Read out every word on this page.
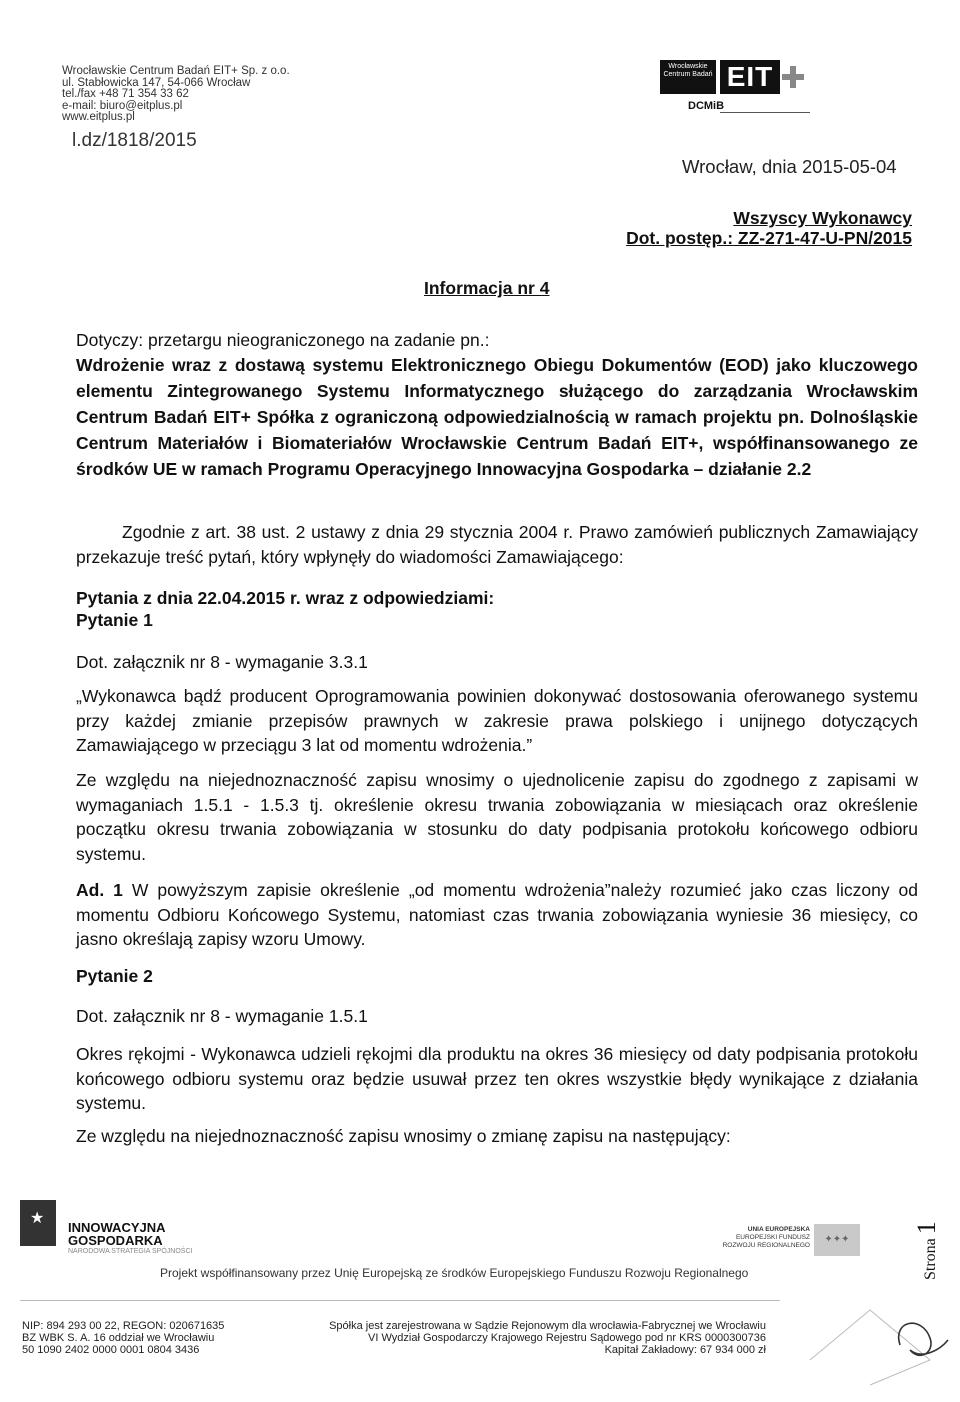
Wrocławskie Centrum Badań EIT+ Sp. z o.o.
ul. Stabłowicka 147, 54-066 Wrocław
tel./fax +48 71 354 33 62
e-mail: biuro@eitplus.pl
www.eitplus.pl
l.dz/1818/2015
Wrocławskie Centrum Badań EIT
DCMiB
Wrocław, dnia 2015-05-04
Wszyscy Wykonawcy
Dot. postęp.: ZZ-271-47-U-PN/2015
Informacja nr 4
Dotyczy: przetargu nieograniczonego na zadanie pn.:
Wdrożenie wraz z dostawą systemu Elektronicznego Obiegu Dokumentów (EOD) jako kluczowego elementu Zintegrowanego Systemu Informatycznego służącego do zarządzania Wrocławskim Centrum Badań EIT+ Spółka z ograniczoną odpowiedzialnością w ramach projektu pn. Dolnośląskie Centrum Materiałów i Biomateriałów Wrocławskie Centrum Badań EIT+, współfinansowanego ze środków UE w ramach Programu Operacyjnego Innowacyjna Gospodarka – działanie 2.2
Zgodnie z art. 38 ust. 2 ustawy z dnia 29 stycznia 2004 r. Prawo zamówień publicznych Zamawiający przekazuje treść pytań, który wpłynęły do wiadomości Zamawiającego:
Pytania z dnia 22.04.2015 r. wraz z odpowiedziami:
Pytanie 1
Dot. załącznik nr 8 - wymaganie 3.3.1
„Wykonawca bądź producent Oprogramowania powinien dokonywać dostosowania oferowanego systemu przy każdej zmianie przepisów prawnych w zakresie prawa polskiego i unijnego dotyczących Zamawiającego w przeciągu 3 lat od momentu wdrożenia.”
Ze względu na niejednoznaczność zapisu wnosimy o ujednolicenie zapisu do zgodnego z zapisami w wymaganiach 1.5.1 - 1.5.3 tj. określenie okresu trwania zobowiązania w miesiącach oraz określenie początku okresu trwania zobowiązania w stosunku do daty podpisania protokołu końcowego odbioru systemu.
Ad. 1 W powyższym zapisie określenie „od momentu wdrożenia”należy rozumieć jako czas liczony od momentu Odbioru Końcowego Systemu, natomiast czas trwania zobowiązania wyniesie 36 miesięcy, co jasno określają zapisy wzoru Umowy.
Pytanie 2
Dot. załącznik nr 8 - wymaganie 1.5.1
Okres rękojmi - Wykonawca udzieli rękojmi dla produktu na okres 36 miesięcy od daty podpisania protokołu końcowego odbioru systemu oraz będzie usuwał przez ten okres wszystkie błędy wynikające z działania systemu.
Ze względu na niejednoznaczność zapisu wnosimy o zmianę zapisu na następujący:
Strona 1
★
INNOWACYJNA
GOSPODARKA
NARODOWA STRATEGIA SPÓJNOŚCI
UNIA EUROPEJSKA
EUROPEJSKI FUNDUSZ
ROZWOJU REGIONALNEGO
✦✦✦
Projekt współfinansowany przez Unię Europejską ze środków Europejskiego Funduszu Rozwoju Regionalnego
NIP: 894 293 00 22, REGON: 020671635
BZ WBK S. A. 16 oddział we Wrocławiu
50 1090 2402 0000 0001 0804 3436
Spółka jest zarejestrowana w Sądzie Rejonowym dla wrocławia-Fabrycznej we Wrocławiu
VI Wydział Gospodarczy Krajowego Rejestru Sądowego pod nr KRS 0000300736
Kapitał Zakładowy: 67 934 000 zł
